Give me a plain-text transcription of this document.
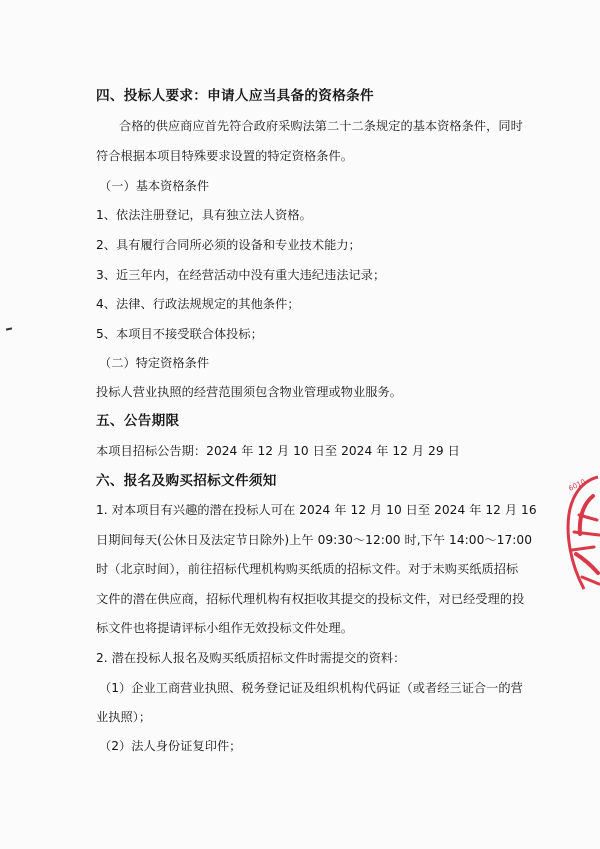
四、投标人要求：申请人应当具备的资格条件
合格的供应商应首先符合政府采购法第二十二条规定的基本资格条件，同时
符合根据本项目特殊要求设置的特定资格条件。
（一）基本资格条件
1、依法注册登记，具有独立法人资格。
2、具有履行合同所必须的设备和专业技术能力；
3、近三年内，在经营活动中没有重大违纪违法记录；
4、法律、行政法规规定的其他条件；
5、本项目不接受联合体投标；
（二）特定资格条件
投标人营业执照的经营范围须包含物业管理或物业服务。
五、公告期限
本项目招标公告期：2024 年 12 月 10 日至 2024 年 12 月 29 日
六、报名及购买招标文件须知
1. 对本项目有兴趣的潜在投标人可在 2024 年 12 月 10 日至 2024 年 12 月 16
日期间每天(公休日及法定节日除外)上午 09:30～12:00 时,下午 14:00～17:00
时（北京时间），前往招标代理机构购买纸质的招标文件。对于未购买纸质招标
文件的潜在供应商，招标代理机构有权拒收其提交的投标文件，对已经受理的投
标文件也将提请评标小组作无效投标文件处理。
2. 潜在投标人报名及购买纸质招标文件时需提交的资料：
（1）企业工商营业执照、税务登记证及组织机构代码证（或者经三证合一的营
业执照）；
（2）法人身份证复印件；
6010
